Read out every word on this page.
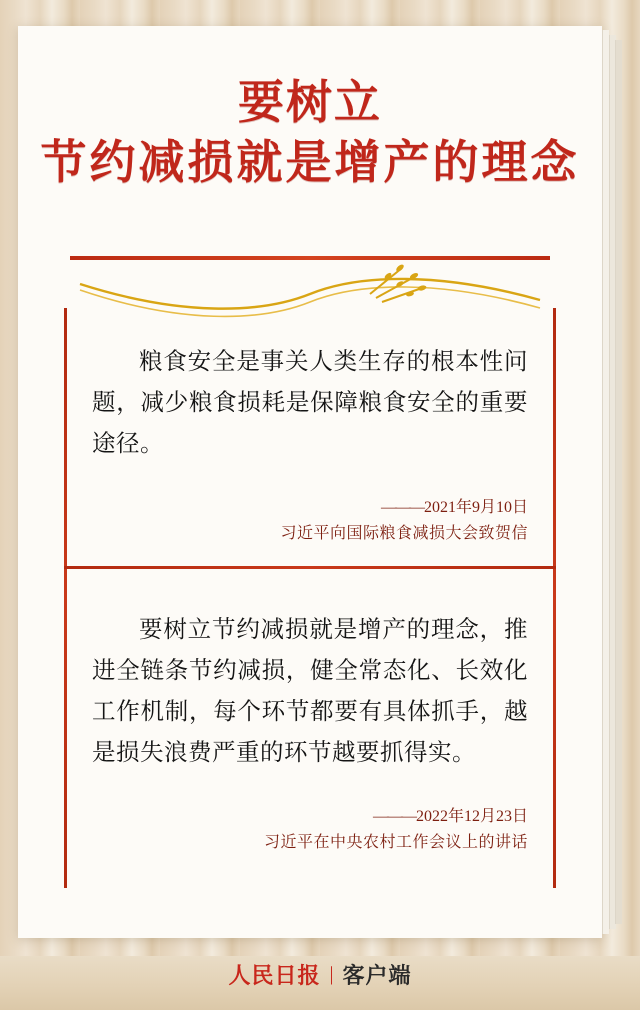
要树立
节约减损就是增产的理念
粮食安全是事关人类生存的根本性问题，减少粮食损耗是保障粮食安全的重要途径。
——— 2021年9月10日
习近平向国际粮食减损大会致贺信
要树立节约减损就是增产的理念，推进全链条节约减损，健全常态化、长效化工作机制，每个环节都要有具体抓手，越是损失浪费严重的环节越要抓得实。
——— 2022年12月23日
习近平在中央农村工作会议上的讲话
人民日报 | 客户端
